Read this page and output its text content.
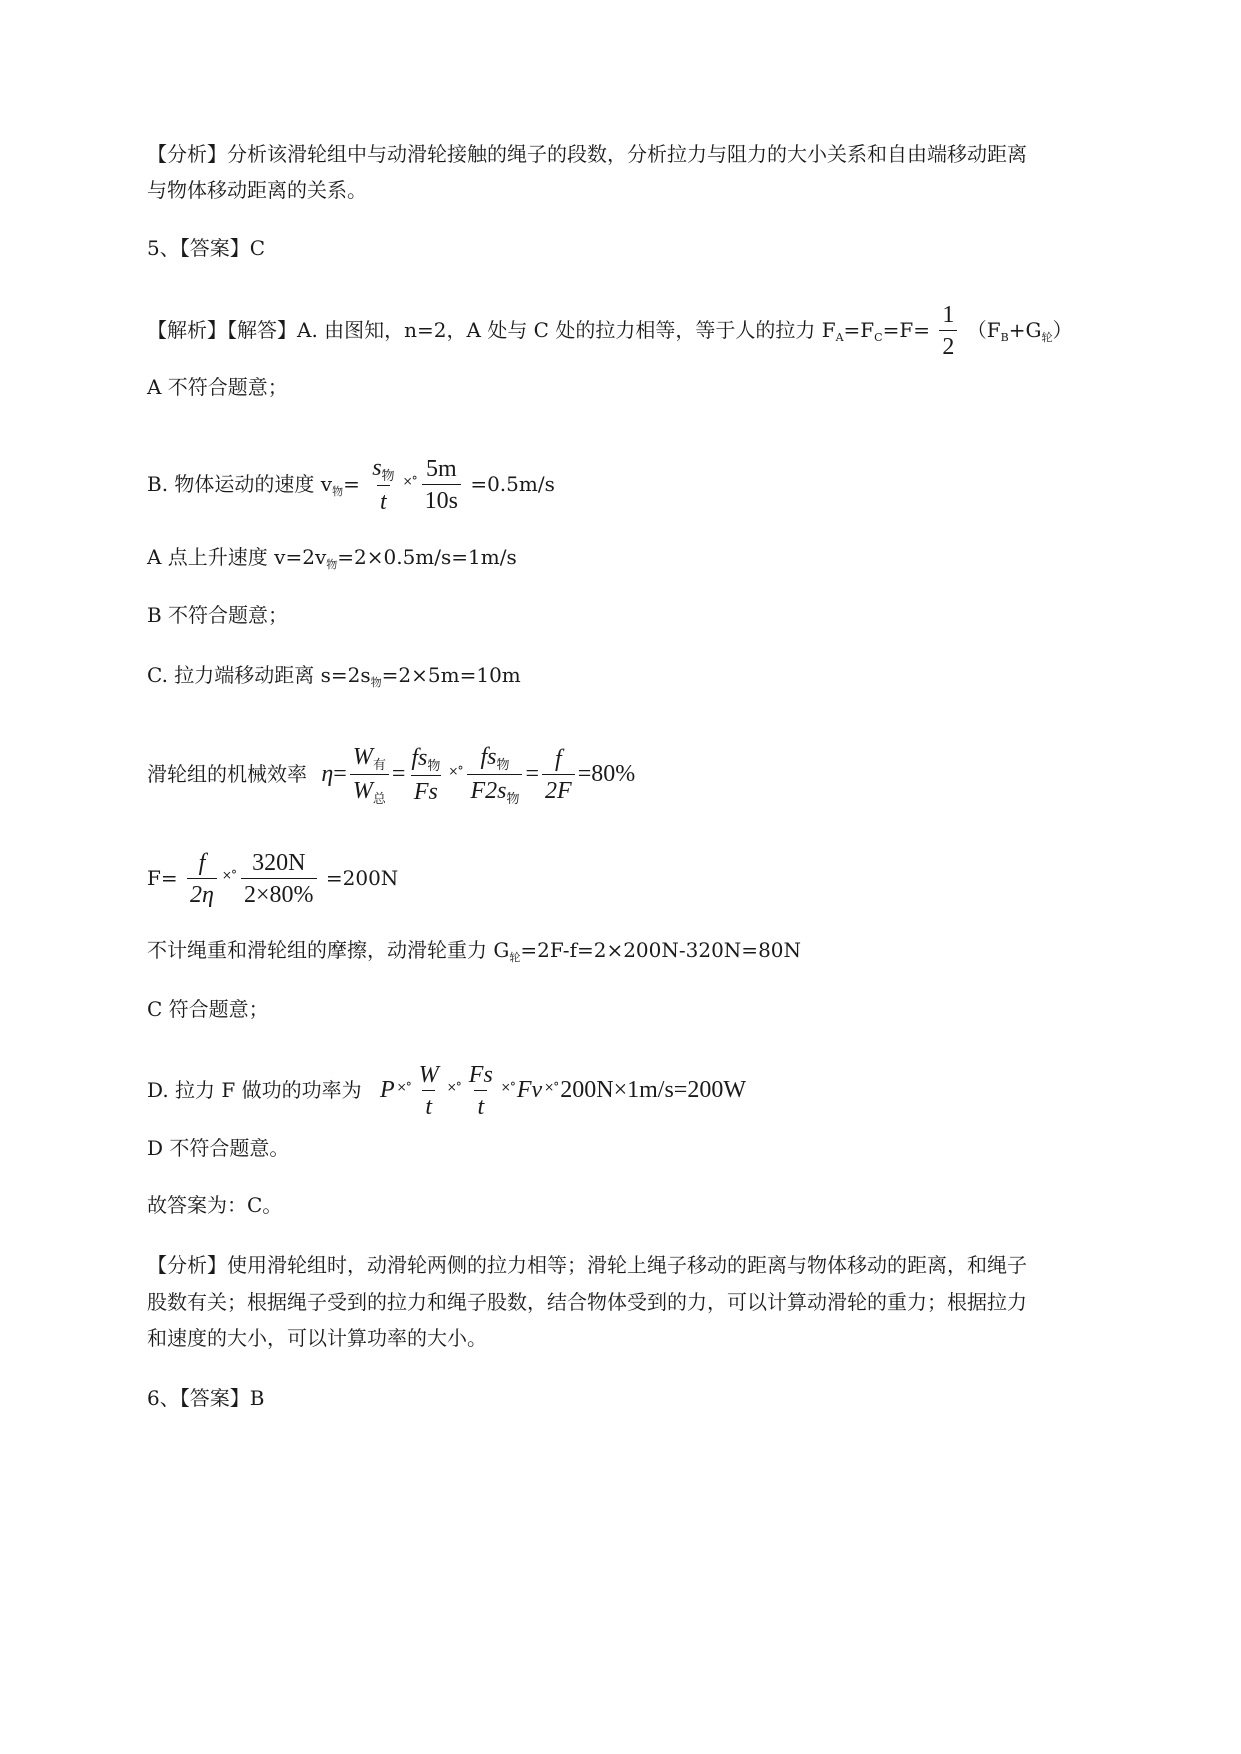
【分析】分析该滑轮组中与动滑轮接触的绳子的段数，分析拉力与阻力的大小关系和自由端移动距离
与物体移动距离的关系。
5、【答案】C
【解析】【解答】A. 由图知，n=2，A 处与 C 处的拉力相等，等于人的拉力 $F_A=F_C=F= \frac{1}{2} (F_B+G_轮)$
A 不符合题意；
B. 物体运动的速度 $v_物= \frac{s_物}{t} ^{\times^\circ} \frac{5m}{10s} =0.5m/s$
A 点上升速度 $v=2v_物=2\times 0.5m/s=1m/s$
B 不符合题意；
C. 拉力端移动距离 $s=2s_物=2\times 5m=10m$
滑轮组的机械效率 $\eta= \frac{W_有}{W_总} = \frac{fs_物}{Fs} ^{\times^\circ} \frac{fs_物}{F2s_物} = \frac{f}{2F} =80\%$
$F= \frac{f}{2\eta} ^{\times^\circ} \frac{320N}{2\times 80\%} =200N$
不计绳重和滑轮组的摩擦，动滑轮重力 $G_轮=2F-f=2\times 200N-320N=80N$
C 符合题意；
D. 拉力 F 做功的功率为 P $^{\times^\circ} \frac{W}{t} ^{\times^\circ} \frac{Fs}{t} ^{\times^\circ}Fv$ ×°200N×1m/s=200W
D 不符合题意。
故答案为：C。
【分析】使用滑轮组时，动滑轮两侧的拉力相等；滑轮上绳子移动的距离与物体移动的距离，和绳子
股数有关；根据绳子受到的拉力和绳子股数，结合物体受到的力，可以计算动滑轮的重力；根据拉力
和速度的大小，可以计算功率的大小。
6、【答案】B
